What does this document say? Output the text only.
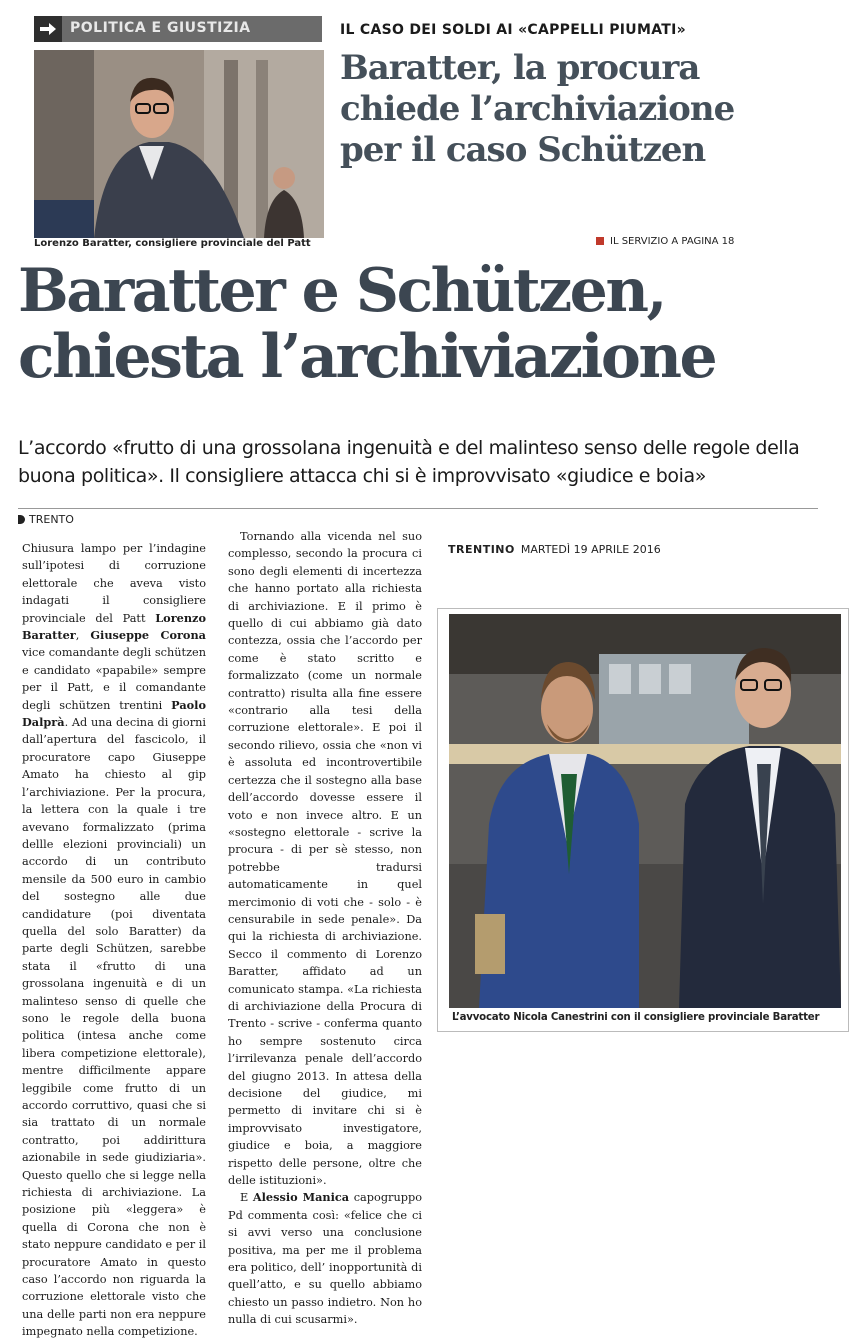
POLITICA E GIUSTIZIA
Lorenzo Baratter, consigliere provinciale del Patt
IL CASO DEI SOLDI AI «CAPPELLI PIUMATI»
Baratter, la procura
chiede l’archiviazione
per il caso Schützen
IL SERVIZIO A PAGINA 18
Baratter e Schützen,
chiesta l’archiviazione
L’accordo «frutto di una grossolana ingenuità e del malinteso senso delle regole della buona politica». Il consigliere attacca chi si è improvvisato «giudice e boia»
TRENTO

Chiusura lampo per l’indagine sull’ipotesi di corruzione elettorale che aveva visto indagati il consigliere provinciale del Patt Lorenzo Baratter, Giuseppe Corona vice comandante degli schützen e candidato «papabile» sempre per il Patt, e il comandante degli schützen trentini Paolo Dalprà. Ad una decina di giorni dall’apertura del fascicolo, il procuratore capo Giuseppe Amato ha chiesto al gip l’archiviazione. Per la procura, la lettera con la quale i tre avevano formalizzato (prima dellle elezioni provinciali) un accordo di un contributo mensile da 500 euro in cambio del sostegno alle due candidature (poi diventata quella del solo Baratter) da parte degli Schützen, sarebbe stata il «frutto di una grossolana ingenuità e di un malinteso senso di quelle che sono le regole della buona politica (intesa anche come libera competizione elettorale), mentre difficilmente appare leggibile come frutto di un accordo corruttivo, quasi che si sia trattato di un normale contratto, poi addirittura azionabile in sede giudiziaria». Questo quello che si legge nella richiesta di archiviazione. La posizione più «leggera» è quella di Corona che non è stato neppure candidato e per il procuratore Amato in questo caso l’accordo non riguarda la corruzione elettorale visto che una delle parti non era neppure impegnato nella competizione.

Tornando alla vicenda nel suo complesso, secondo la procura ci sono degli elementi di incertezza che hanno portato alla richiesta di archiviazione. E il primo è quello di cui abbiamo già dato contezza, ossia che l’accordo per come è stato scritto e formalizzato (come un normale contratto) risulta alla fine essere «contrario alla tesi della corruzione elettorale». E poi il secondo rilievo, ossia che «non vi è assoluta ed incontrovertibile certezza che il sostegno alla base dell’accordo dovesse essere il voto e non invece altro. E un «sostegno elettorale - scrive la procura - di per sè stesso, non potrebbe tradursi automaticamente in quel mercimonio di voti che - solo - è censurabile in sede penale». Da qui la richiesta di archiviazione. Secco il commento di Lorenzo Baratter, affidato ad un comunicato stampa. «La richiesta di archiviazione della Procura di Trento - scrive - conferma quanto ho sempre sostenuto circa l’irrilevanza penale dell’accordo del giugno 2013. In attesa della decisione del giudice, mi permetto di invitare chi si è improvvisato investigatore, giudice e boia, a maggiore rispetto delle persone, oltre che delle istituzioni».

E Alessio Manica capogruppo Pd commenta così: «felice che ci si avvi verso una conclusione positiva, ma per me il problema era politico, dell’ inopportunità di quell’atto, e su quello abbiamo chiesto un passo indietro. Non ho nulla di cui scusarmi».

TRENTINO MARTEDÌ 19 APRILE 2016
L’avvocato Nicola Canestrini con il consigliere provinciale Baratter
